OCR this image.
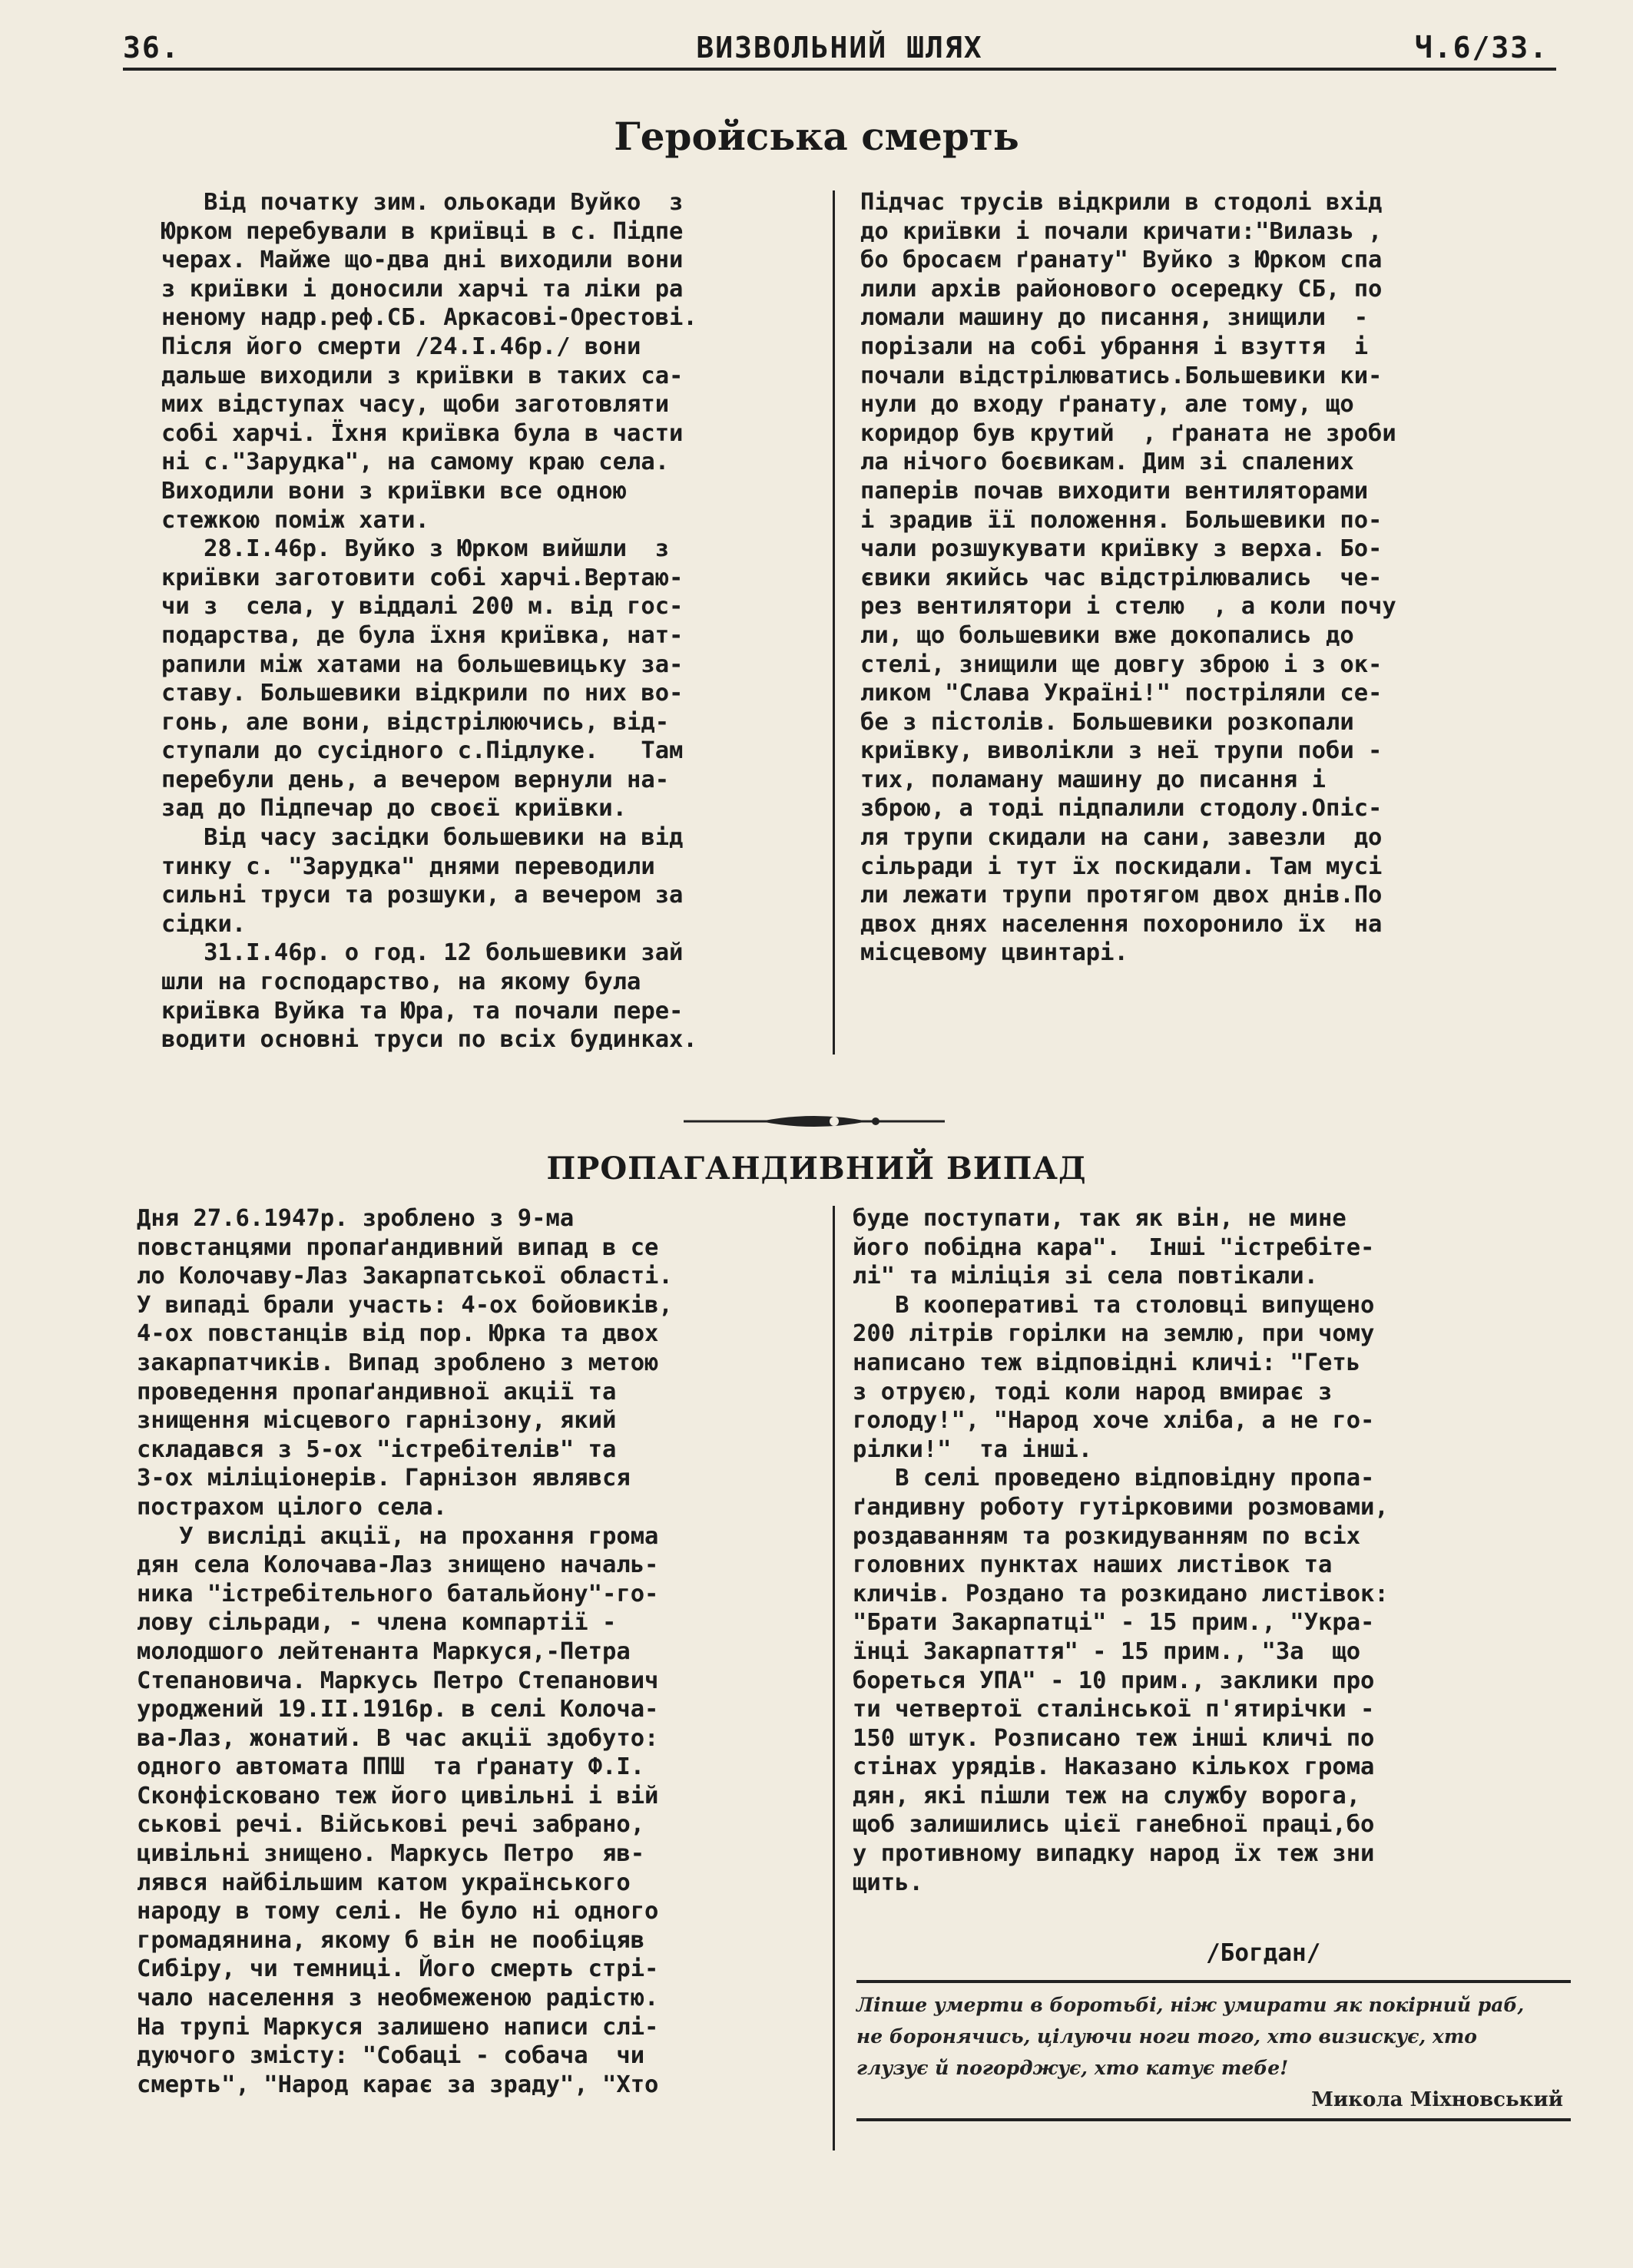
36.	ВИЗВОЛЬНИЙ ШЛЯХ	Ч.6/33.
Геройська смерть
Від початку зим. ольокади Вуйко  з
Юрком перебували в криївці в с. Підпе
черах. Майже що-два дні виходили вони
з криївки і доносили харчі та ліки ра
неному надр.реф.СБ. Аркасові-Орестові.
Після його смерти /24.І.46р./ вони
дальше виходили з криївки в таких са-
мих відступах часу, щоби заготовляти
собі харчі. Їхня криївка була в части
ні с."Зарудка", на самому краю села.
Виходили вони з криївки все одною
стежкою поміж хати.
28.І.46р. Вуйко з Юрком вийшли  з
криївки заготовити собі харчі.Вертаю-
чи з  села, у віддалі 200 м. від гос-
подарства, де була їхня криївка, нат-
рапили між хатами на большевицьку за-
ставу. Большевики відкрили по них во-
гонь, але вони, відстрілюючись, від-
ступали до сусідного с.Підлуке.   Там
перебули день, а вечером вернули на-
зад до Підпечар до своєї криївки.
Від часу засідки большевики на від
тинку с. "Зарудка" днями переводили
сильні труси та розшуки, а вечером за
сідки.
31.І.46р. о год. 12 большевики зай
шли на господарство, на якому була
криївка Вуйка та Юра, та почали пере-
водити основні труси по всіх будинках.
Підчас трусів відкрили в стодолі вхід
до криївки і почали кричати:"Вилазь ,
бо бросаєм ґранату" Вуйко з Юрком спа
лили архів районового осередку СБ, по
ломали машину до писання, знищили  -
порізали на собі убрання і взуття  і
почали відстрілюватись.Большевики ки-
нули до входу ґранату, але тому, що
коридор був крутий  , ґраната не зроби
ла нічого боєвикам. Дим зі спалених
паперів почав виходити вентиляторами
і зрадив її положення. Большевики по-
чали розшукувати криївку з верха. Бо-
євики якийсь час відстрілювались  че-
рез вентилятори і стелю  , а коли почу
ли, що большевики вже докопались до
стелі, знищили ще довгу зброю і з ок-
ликом "Слава Україні!" постріляли се-
бе з пістолів. Большевики розкопали
криївку, виволікли з неї трупи поби -
тих, поламану машину до писання і
зброю, а тоді підпалили стодолу.Опіс-
ля трупи скидали на сани, завезли  до
сільради і тут їх поскидали. Там мусі
ли лежати трупи протягом двох днів.По
двох днях населення похоронило їх  на
місцевому цвинтарі.
ПРОПАГАНДИВНИЙ ВИПАД
Дня 27.6.1947р. зроблено з 9-ма
повстанцями пропаґандивний випад в се
ло Колочаву-Лаз Закарпатської області.
У випаді брали участь: 4-ох бойовиків,
4-ох повстанців від пор. Юрка та двох
закарпатчиків. Випад зроблено з метою
проведення пропаґандивної акції та
знищення місцевого гарнізону, який
складався з 5-ох "істребітелів" та
3-ох міліціонерів. Гарнізон являвся
пострахом цілого села.
У висліді акції, на прохання грома
дян села Колочава-Лаз знищено началь-
ника "істребітельного батальйону"-го-
лову сільради, - члена компартії -
молодшого лейтенанта Маркуся,-Петра
Степановича. Маркусь Петро Степанович
уроджений 19.ІІ.1916р. в селі Колоча-
ва-Лаз, жонатий. В час акції здобуто:
одного автомата ППШ  та ґранату Ф.І.
Сконфісковано теж його цивільні і вій
ськові речі. Військові речі забрано,
цивільні знищено. Маркусь Петро  яв-
лявся найбільшим катом українського
народу в тому селі. Не було ні одного
громадянина, якому б він не пообіцяв
Сибіру, чи темниці. Його смерть стрі-
чало населення з необмеженою радістю.
На трупі Маркуся залишено написи слі-
дуючого змісту: "Собаці - собача  чи
смерть", "Народ карає за зраду", "Хто
буде поступати, так як він, не мине
його побідна кара".  Інші "істребіте-
лі" та міліція зі села повтікали.
В кооперативі та столовці випущено
200 літрів горілки на землю, при чому
написано теж відповідні кличі: "Геть
з отруєю, тоді коли народ вмирає з
голоду!", "Народ хоче хліба, а не го-
рілки!"  та інші.
В селі проведено відповідну пропа-
ґандивну роботу гутірковими розмовами,
роздаванням та розкидуванням по всіх
головних пунктах наших листівок та
кличів. Роздано та розкидано листівок:
"Брати Закарпатці" - 15 прим., "Укра-
їнці Закарпаття" - 15 прим., "За  що
бореться УПА" - 10 прим., заклики про
ти четвертої сталінської п'ятирічки -
150 штук. Розписано теж інші кличі по
стінах урядів. Наказано кількох грома
дян, які пішли теж на службу ворога,
щоб залишились цієї ганебної праці,бо
у противному випадку народ їх теж зни
щить.
/Богдан/
Ліпше умерти в боротьбі, ніж умирати як покірний раб,
не боронячись, цілуючи ноги того, хто визискує, хто
глузує й погорджує, хто катує тебе!
Микола Міхновський
